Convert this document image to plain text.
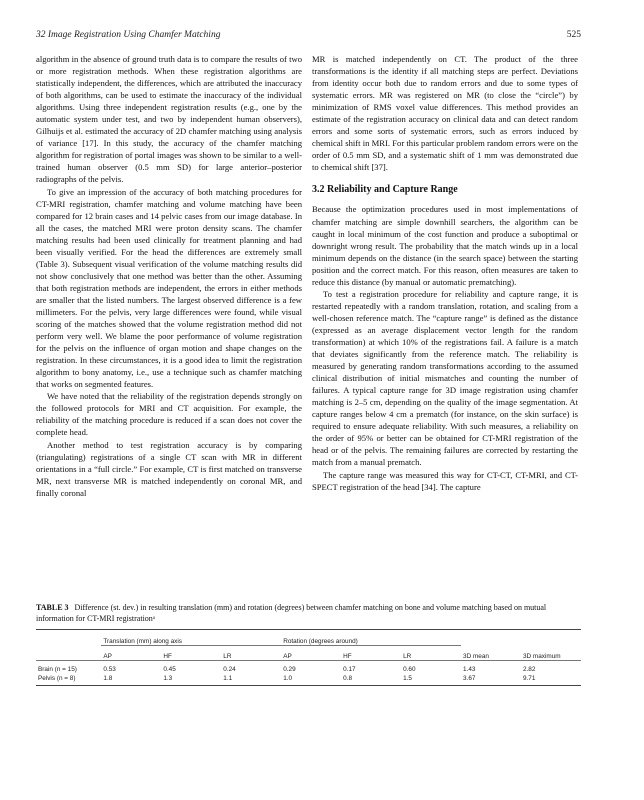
32 Image Registration Using Chamfer Matching	525

algorithm in the absence of ground truth data is to compare the results of two or more registration methods. When these registration algorithms are statistically independent, the differences, which are attributed the inaccuracy of both algorithms, can be used to estimate the inaccuracy of the individual algorithms. Using three independent registration results (e.g., one by the automatic system under test, and two by independent human observers), Gilhuijs et al. estimated the accuracy of 2D chamfer matching using analysis of variance [17]. In this study, the accuracy of the chamfer matching algorithm for registration of portal images was shown to be similar to a well-trained human observer (0.5 mm SD) for large anterior–posterior radiographs of the pelvis.

To give an impression of the accuracy of both matching procedures for CT-MRI registration, chamfer matching and volume matching have been compared for 12 brain cases and 14 pelvic cases from our image database. In all the cases, the matched MRI were proton density scans. The chamfer matching results had been used clinically for treatment planning and had been visually verified. For the head the differences are extremely small (Table 3). Subsequent visual verification of the volume matching results did not show conclusively that one method was better than the other. Assuming that both registration methods are independent, the errors in either methods are smaller that the listed numbers. The largest observed difference is a few millimeters. For the pelvis, very large differences were found, while visual scoring of the matches showed that the volume registration method did not perform very well. We blame the poor performance of volume registration for the pelvis on the influence of organ motion and shape changes on the registration. In these circumstances, it is a good idea to limit the registration algorithm to bony anatomy, i.e., use a technique such as chamfer matching that works on segmented features.

We have noted that the reliability of the registration depends strongly on the followed protocols for MRI and CT acquisition. For example, the reliability of the matching procedure is reduced if a scan does not cover the complete head.

Another method to test registration accuracy is by comparing (triangulating) registrations of a single CT scan with MR in different orientations in a “full circle.” For example, CT is first matched on transverse MR, next transverse MR is matched independently on coronal MR, and finally coronal

MR is matched independently on CT. The product of the three transformations is the identity if all matching steps are perfect. Deviations from identity occur both due to random errors and due to some types of systematic errors. MR was registered on MR (to close the “circle”) by minimization of RMS voxel value differences. This method provides an estimate of the registration accuracy on clinical data and can detect random errors and some sorts of systematic errors, such as errors induced by chemical shift in MRI. For this particular problem random errors were on the order of 0.5 mm SD, and a systematic shift of 1 mm was demonstrated due to chemical shift [37].

3.2 Reliability and Capture Range

Because the optimization procedures used in most implementations of chamfer matching are simple downhill searchers, the algorithm can be caught in local minimum of the cost function and produce a suboptimal or downright wrong result. The probability that the match winds up in a local minimum depends on the distance (in the search space) between the starting position and the correct match. For this reason, often measures are taken to reduce this distance (by manual or automatic prematching).

To test a registration procedure for reliability and capture range, it is restarted repeatedly with a random translation, rotation, and scaling from a well-chosen reference match. The “capture range” is defined as the distance (expressed as an average displacement vector length for the random transformation) at which 10% of the registrations fail. A failure is a match that deviates significantly from the reference match. The reliability is measured by generating random transformations according to the assumed clinical distribution of initial mismatches and counting the number of failures. A typical capture range for 3D image registration using chamfer matching is 2–5 cm, depending on the quality of the image segmentation. At capture ranges below 4 cm a prematch (for instance, on the skin surface) is required to ensure adequate reliability. With such measures, a reliability on the order of 95% or better can be obtained for CT-MRI registration of the head or of the pelvis. The remaining failures are corrected by restarting the match from a manual prematch.

The capture range was measured this way for CT-CT, CT-MRI, and CT-SPECT registration of the head [34]. The capture

TABLE 3 Difference (st. dev.) in resulting translation (mm) and rotation (degrees) between chamfer matching on bone and volume matching based on mutual information for CT-MRI registrationᵃ

	Translation (mm) along axis			Rotation (degrees around)				
	AP	HF	LR	AP	HF	LR	3D mean	3D maximum
Brain (n = 15)	0.53	0.45	0.24	0.29	0.17	0.60	1.43	2.82
Pelvis (n = 8)	1.8	1.3	1.1	1.0	0.8	1.5	3.67	9.71
